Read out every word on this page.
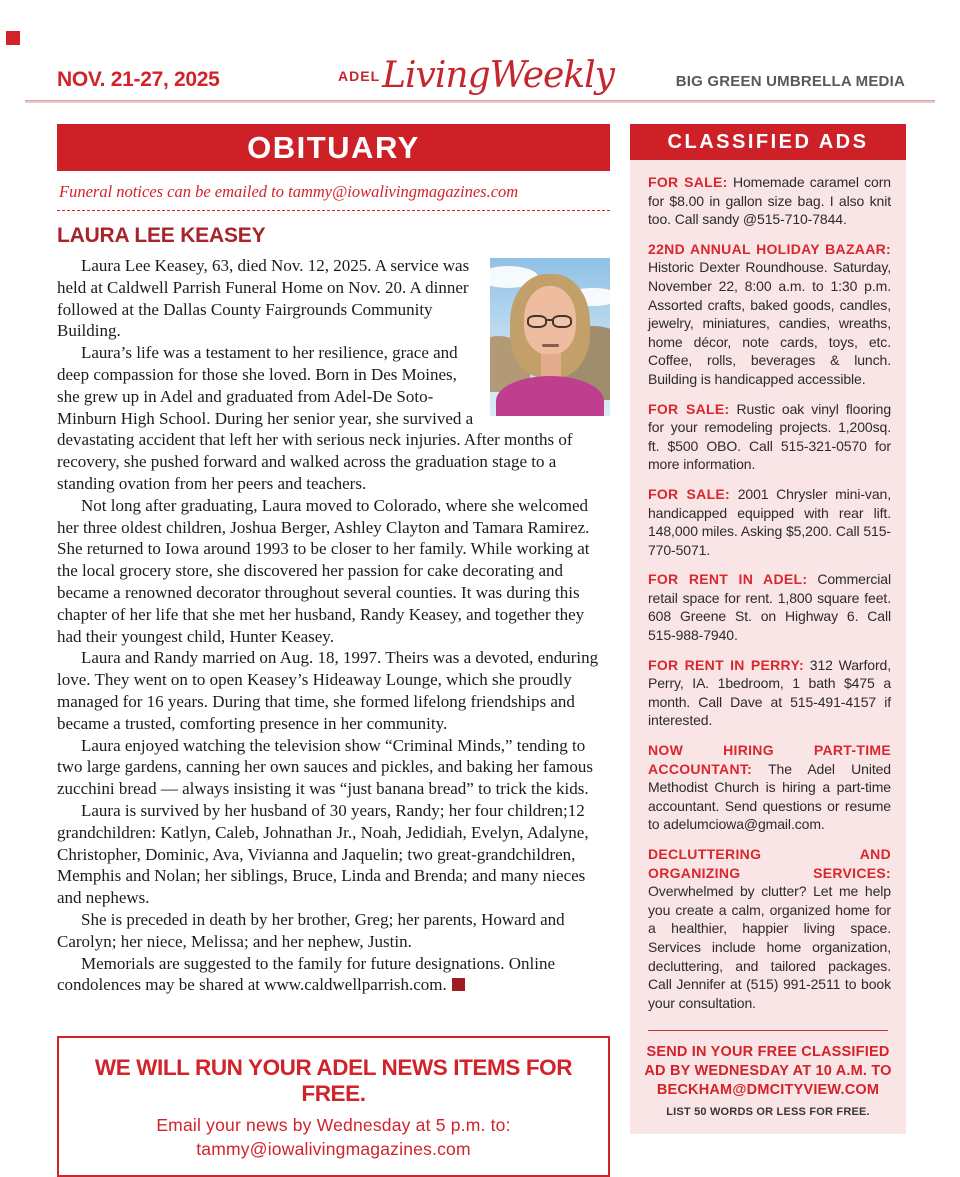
NOV. 21-27, 2025	ADELLivingWeekly	BIG GREEN UMBRELLA MEDIA
OBITUARY
Funeral notices can be emailed to tammy@iowalivingmagazines.com
LAURA LEE KEASEY

Laura Lee Keasey, 63, died Nov. 12, 2025. A service was held at Caldwell Parrish Funeral Home on Nov. 20. A dinner followed at the Dallas County Fairgrounds Community Building.

Laura’s life was a testament to her resilience, grace and deep compassion for those she loved. Born in Des Moines, she grew up in Adel and graduated from Adel-De Soto-Minburn High School. During her senior year, she survived a devastating accident that left her with serious neck injuries. After months of recovery, she pushed forward and walked across the graduation stage to a standing ovation from her peers and teachers.

Not long after graduating, Laura moved to Colorado, where she welcomed her three oldest children, Joshua Berger, Ashley Clayton and Tamara Ramirez. She returned to Iowa around 1993 to be closer to her family. While working at the local grocery store, she discovered her passion for cake decorating and became a renowned decorator throughout several counties. It was during this chapter of her life that she met her husband, Randy Keasey, and together they had their youngest child, Hunter Keasey.

Laura and Randy married on Aug. 18, 1997. Theirs was a devoted, enduring love. They went on to open Keasey’s Hideaway Lounge, which she proudly managed for 16 years. During that time, she formed lifelong friendships and became a trusted, comforting presence in her community.

Laura enjoyed watching the television show “Criminal Minds,” tending to two large gardens, canning her own sauces and pickles, and baking her famous zucchini bread — always insisting it was “just banana bread” to trick the kids.

Laura is survived by her husband of 30 years, Randy; her four children;12 grandchildren: Katlyn, Caleb, Johnathan Jr., Noah, Jedidiah, Evelyn, Adalyne, Christopher, Dominic, Ava, Vivianna and Jaquelin; two great-grandchildren, Memphis and Nolan; her siblings, Bruce, Linda and Brenda; and many nieces and nephews.

She is preceded in death by her brother, Greg; her parents, Howard and Carolyn; her niece, Melissa; and her nephew, Justin.

Memorials are suggested to the family for future designations. Online condolences may be shared at www.caldwellparrish.com.

WE WILL RUN YOUR ADEL NEWS ITEMS FOR FREE.
Email your news by Wednesday at 5 p.m. to:
tammy@iowalivingmagazines.com
CLASSIFIED ADS
FOR SALE: Homemade caramel corn for $8.00 in gallon size bag. I also knit too. Call sandy @515-710-7844.
22ND ANNUAL HOLIDAY BAZAAR: Historic Dexter Roundhouse. Saturday, November 22, 8:00 a.m. to 1:30 p.m. Assorted crafts, baked goods, candles, jewelry, miniatures, candies, wreaths, home décor, note cards, toys, etc. Coffee, rolls, beverages & lunch. Building is handicapped accessible.
FOR SALE: Rustic oak vinyl flooring for your remodeling projects. 1,200sq. ft. $500 OBO. Call 515-321-0570 for more information.
FOR SALE: 2001 Chrysler mini-van, handicapped equipped with rear lift. 148,000 miles. Asking $5,200. Call 515-770-5071.
FOR RENT IN ADEL: Commercial retail space for rent. 1,800 square feet. 608 Greene St. on Highway 6. Call 515-988-7940.
FOR RENT IN PERRY: 312 Warford, Perry, IA. 1bedroom, 1 bath $475 a month. Call Dave at 515-491-4157 if interested.
NOW HIRING PART-TIME ACCOUNTANT: The Adel United Methodist Church is hiring a part-time accountant. Send questions or resume to adelumciowa@gmail.com.
DECLUTTERING AND ORGANIZING SERVICES: Overwhelmed by clutter? Let me help you create a calm, organized home for a healthier, happier living space. Services include home organization, decluttering, and tailored packages. Call Jennifer at (515) 991-2511 to book your consultation.
SEND IN YOUR FREE CLASSIFIED
AD BY WEDNESDAY AT 10 A.M. TO
BECKHAM@DMCITYVIEW.COM
LIST 50 WORDS OR LESS FOR FREE.
